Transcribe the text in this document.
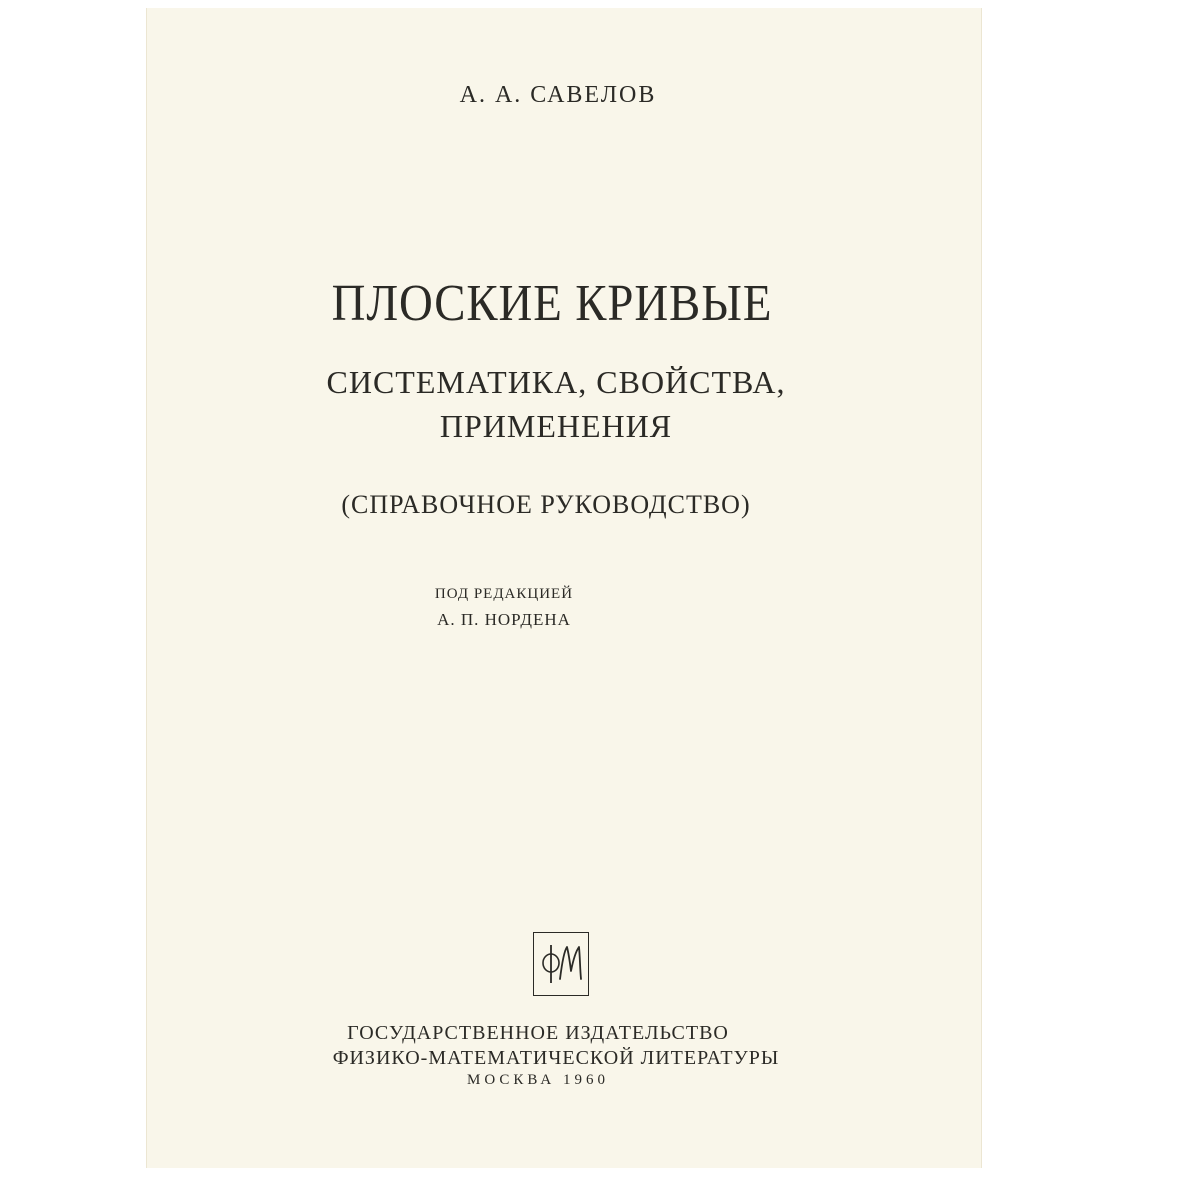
А. А. САВЕЛОВ
ПЛОСКИЕ КРИВЫЕ
СИСТЕМАТИКА, СВОЙСТВА,
ПРИМЕНЕНИЯ
(СПРАВОЧНОЕ РУКОВОДСТВО)
ПОД РЕДАКЦИЕЙ
А. П. НОРДЕНА
ГОСУДАРСТВЕННОЕ ИЗДАТЕЛЬСТВО
ФИЗИКО-МАТЕМАТИЧЕСКОЙ ЛИТЕРАТУРЫ
МОСКВА 1960
